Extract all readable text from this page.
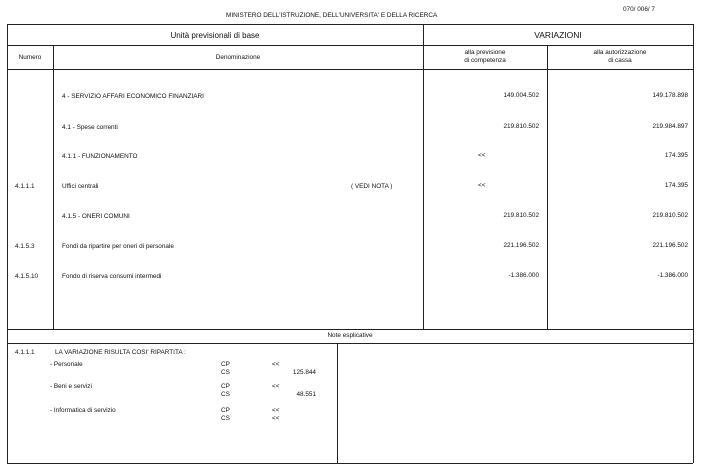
MINISTERO DELL'ISTRUZIONE, DELL'UNIVERSITA' E DELLA RICERCA
070/ 006/ 7
Unità previsionali di base	VARIAZIONI
Numero	Denominazione
alla previsione
di competenza
alla autorizzazione
di cassa
4 - SERVIZIO AFFARI ECONOMICO FINANZIARI	149.004.502	149.178.898
4.1 - Spese correnti	219.810.502	219.984.897
4.1.1 - FUNZIONAMENTO	<<	174.395
4.1.1.1	Uffici centrali	( VEDI NOTA )	<<	174.395
4.1.5 - ONERI COMUNI	219.810.502	219.810.502
4.1.5.3	Fondi da ripartire per oneri di personale	221.196.502	221.196.502
4.1.5.10	Fondo di riserva consumi intermedi	-1.386.000	-1.386.000
Note esplicative
4.1.1.1	LA VARIAZIONE RISULTA COSI' RIPARTITA :
- Personale	CP	<<
CS	125.844
- Beni e servizi	CP	<<
CS	48.551
- Informatica di servizio	CP	<<
CS	<<
